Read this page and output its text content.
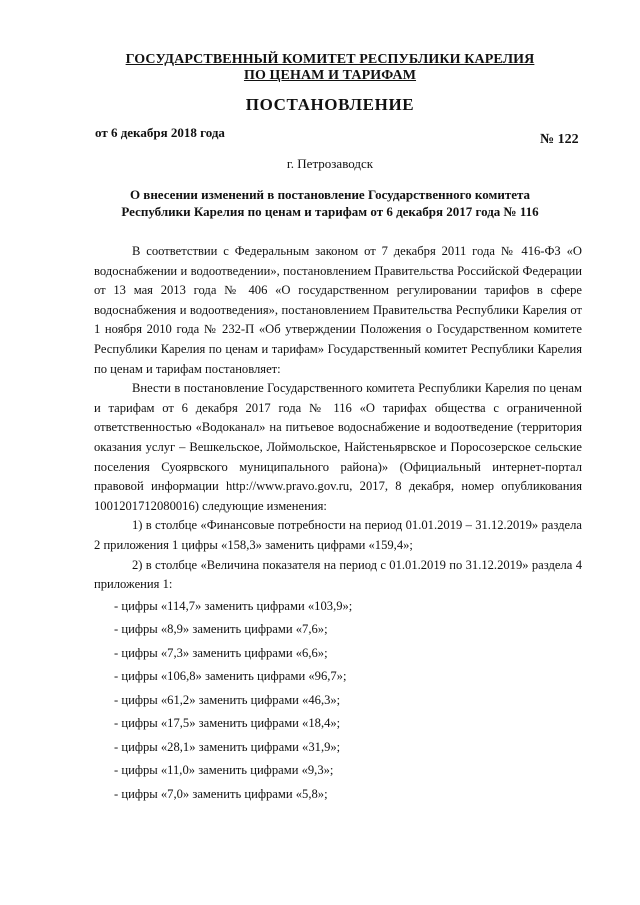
ГОСУДАРСТВЕННЫЙ КОМИТЕТ РЕСПУБЛИКИ КАРЕЛИЯ
ПО ЦЕНАМ И ТАРИФАМ
ПОСТАНОВЛЕНИЕ
от 6 декабря 2018 года	№ 122
г. Петрозаводск
О внесении изменений в постановление Государственного комитета
Республики Карелия по ценам и тарифам от 6 декабря 2017 года № 116

В соответствии с Федеральным законом от 7 декабря 2011 года № 416-ФЗ «О водоснабжении и водоотведении», постановлением Правительства Российской Федерации от 13 мая 2013 года № 406 «О государственном регулировании тарифов в сфере водоснабжения и водоотведения», постановлением Правительства Республики Карелия от 1 ноября 2010 года № 232-П «Об утверждении Положения о Государственном комитете Республики Карелия по ценам и тарифам» Государственный комитет Республики Карелия по ценам и тарифам постановляет:

Внести в постановление Государственного комитета Республики Карелия по ценам и тарифам от 6 декабря 2017 года № 116 «О тарифах общества с ограниченной ответственностью «Водоканал» на питьевое водоснабжение и водоотведение (территория оказания услуг – Вешкельское, Лоймольское, Найстеньярвское и Поросозерское сельские поселения Суоярвского муниципального района)» (Официальный интернет-портал правовой информации http://www.pravo.gov.ru, 2017, 8 декабря, номер опубликования 1001201712080016) следующие изменения:

1) в столбце «Финансовые потребности на период 01.01.2019 – 31.12.2019» раздела 2 приложения 1 цифры «158,3» заменить цифрами «159,4»;

2) в столбце «Величина показателя на период с 01.01.2019 по 31.12.2019» раздела 4 приложения 1:

- цифры «114,7» заменить цифрами «103,9»;
- цифры «8,9» заменить цифрами «7,6»;
- цифры «7,3» заменить цифрами «6,6»;
- цифры «106,8» заменить цифрами «96,7»;
- цифры «61,2» заменить цифрами «46,3»;
- цифры «17,5» заменить цифрами «18,4»;
- цифры «28,1» заменить цифрами «31,9»;
- цифры «11,0» заменить цифрами «9,3»;
- цифры «7,0» заменить цифрами «5,8»;
